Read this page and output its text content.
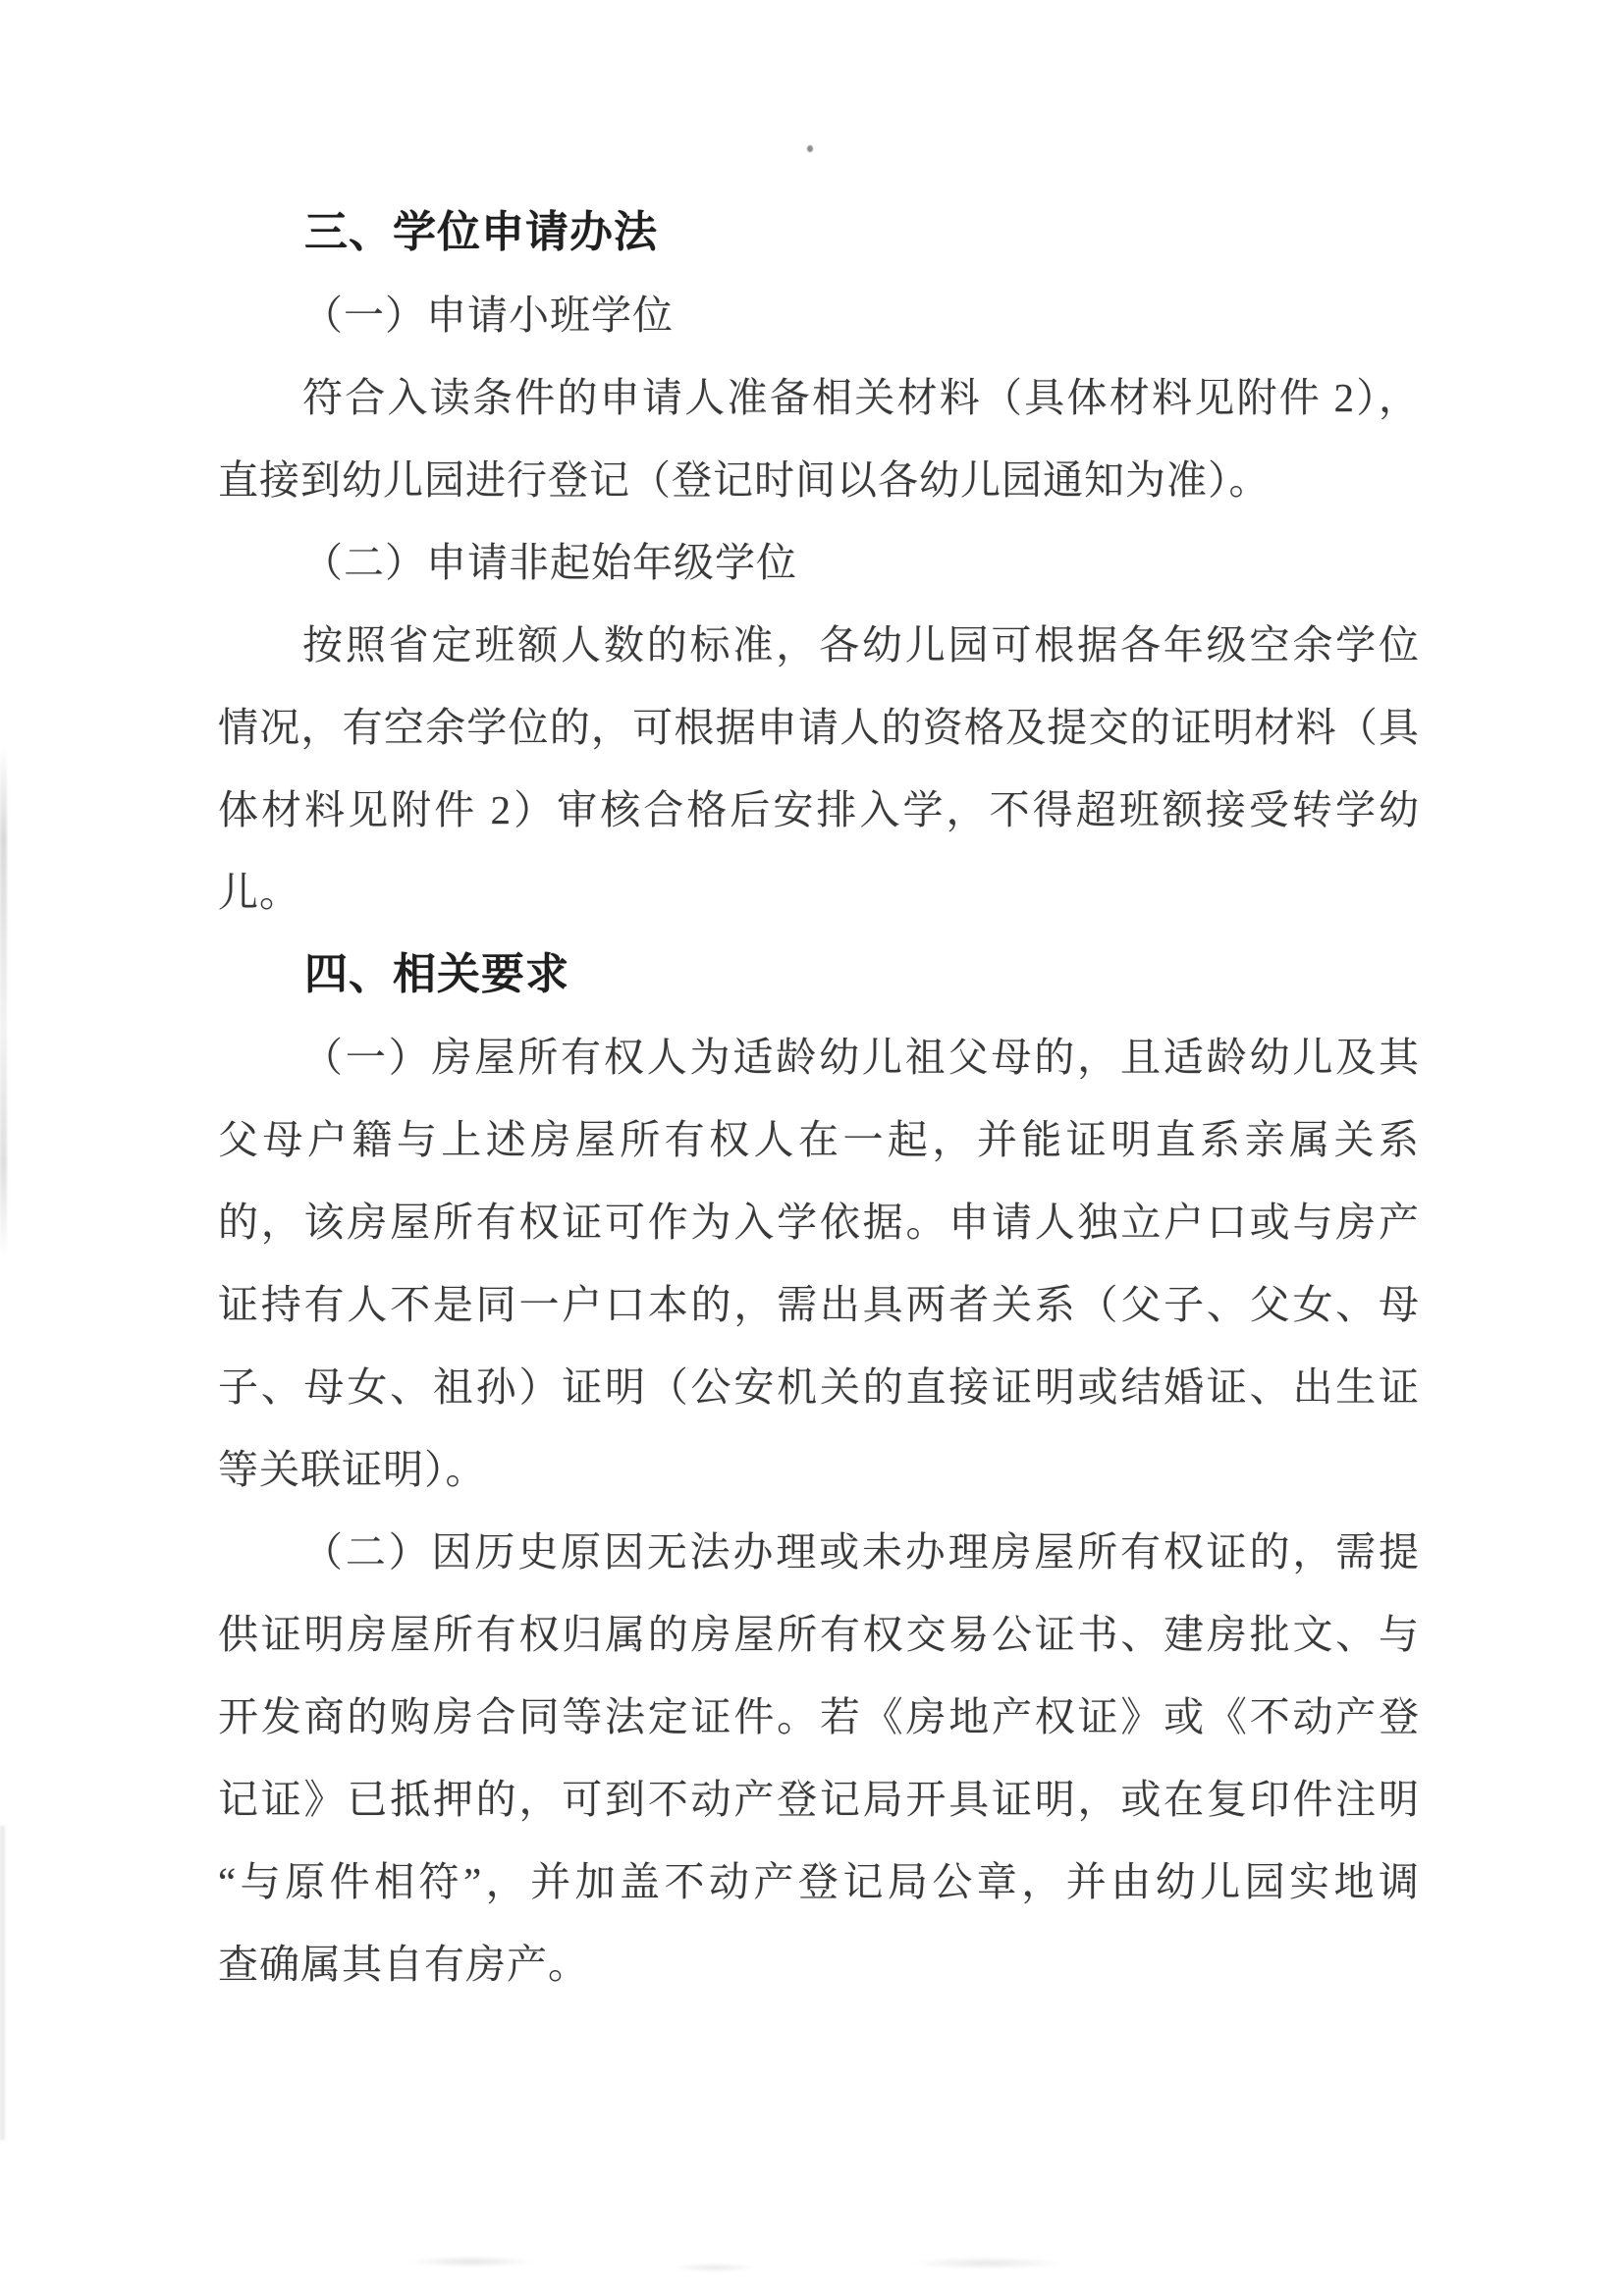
三、学位申请办法
（一）申请小班学位
符合入读条件的申请人准备相关材料（具体材料见附件 2），
直接到幼儿园进行登记（登记时间以各幼儿园通知为准）。
（二）申请非起始年级学位
按照省定班额人数的标准，各幼儿园可根据各年级空余学位
情况，有空余学位的，可根据申请人的资格及提交的证明材料（具
体材料见附件 2）审核合格后安排入学，不得超班额接受转学幼
儿。
四、相关要求
（一）房屋所有权人为适龄幼儿祖父母的，且适龄幼儿及其
父母户籍与上述房屋所有权人在一起，并能证明直系亲属关系
的，该房屋所有权证可作为入学依据。申请人独立户口或与房产
证持有人不是同一户口本的，需出具两者关系（父子、父女、母
子、母女、祖孙）证明（公安机关的直接证明或结婚证、出生证
等关联证明）。
（二）因历史原因无法办理或未办理房屋所有权证的，需提
供证明房屋所有权归属的房屋所有权交易公证书、建房批文、与
开发商的购房合同等法定证件。若《房地产权证》或《不动产登
记证》已抵押的，可到不动产登记局开具证明，或在复印件注明
“与原件相符”，并加盖不动产登记局公章，并由幼儿园实地调
查确属其自有房产。
